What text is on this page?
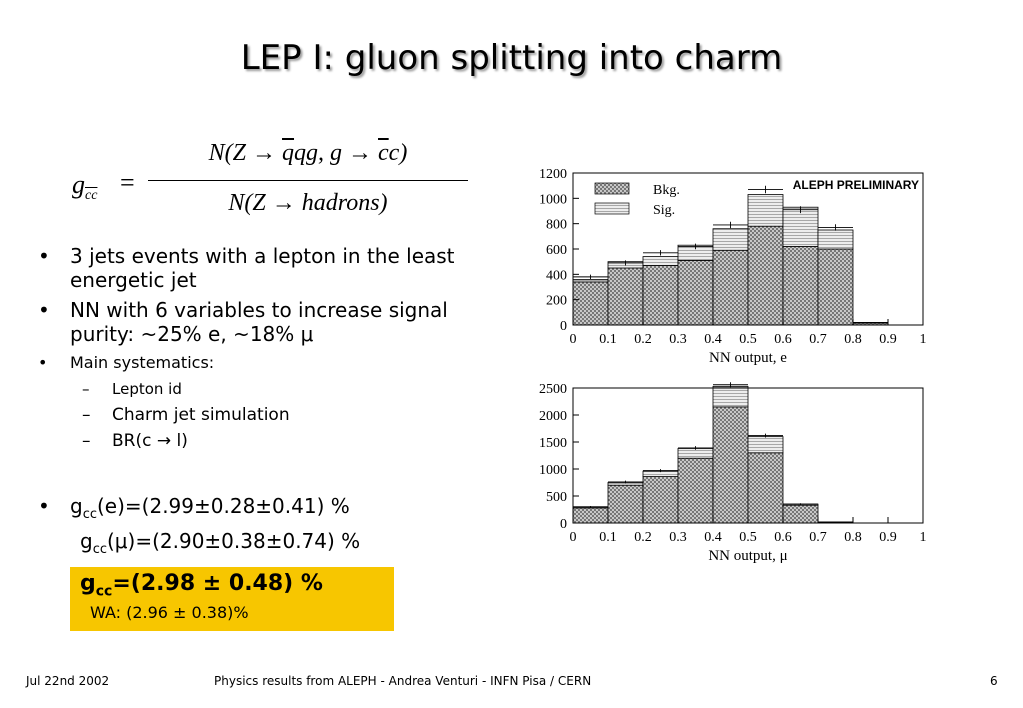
LEP I: gluon splitting into charm
$g_{\overline{cc}}$ =
$N(Z \to \overline{q}qg$, $g \to \overline{c}c$)
N(Z → hadrons)
• 3 jets events with a lepton in the least energetic jet
• NN with 6 variables to increase signal purity: ~25% e, ~18% μ
• Main systematics:
– Lepton id
– Charm jet simulation
– BR(c → l)
•	$g_{cc}(e)=(2.99\pm 0.28\pm 0.41)$ %
$g_{cc}(\mu)=(2.90\pm 0.38\pm 0.74)$ %
$g_{cc}=(2.98 \pm 0.48)$ %
WA: (2.96 ± 0.38)%
0
200
400
600
800
1000
1200
0 0.1 0.2 0.3 0.4 0.5 0.6 0.7 0.8 0.9 1
NN output, e
ALEPH PRELIMINARY
Bkg.
Sig.
0
500
1000
1500
2000
2500
0 0.1 0.2 0.3 0.4 0.5 0.6 0.7 0.8 0.9 1
NN output, μ
Jul 22nd 2002	Physics results from ALEPH - Andrea Venturi - INFN Pisa / CERN	6
